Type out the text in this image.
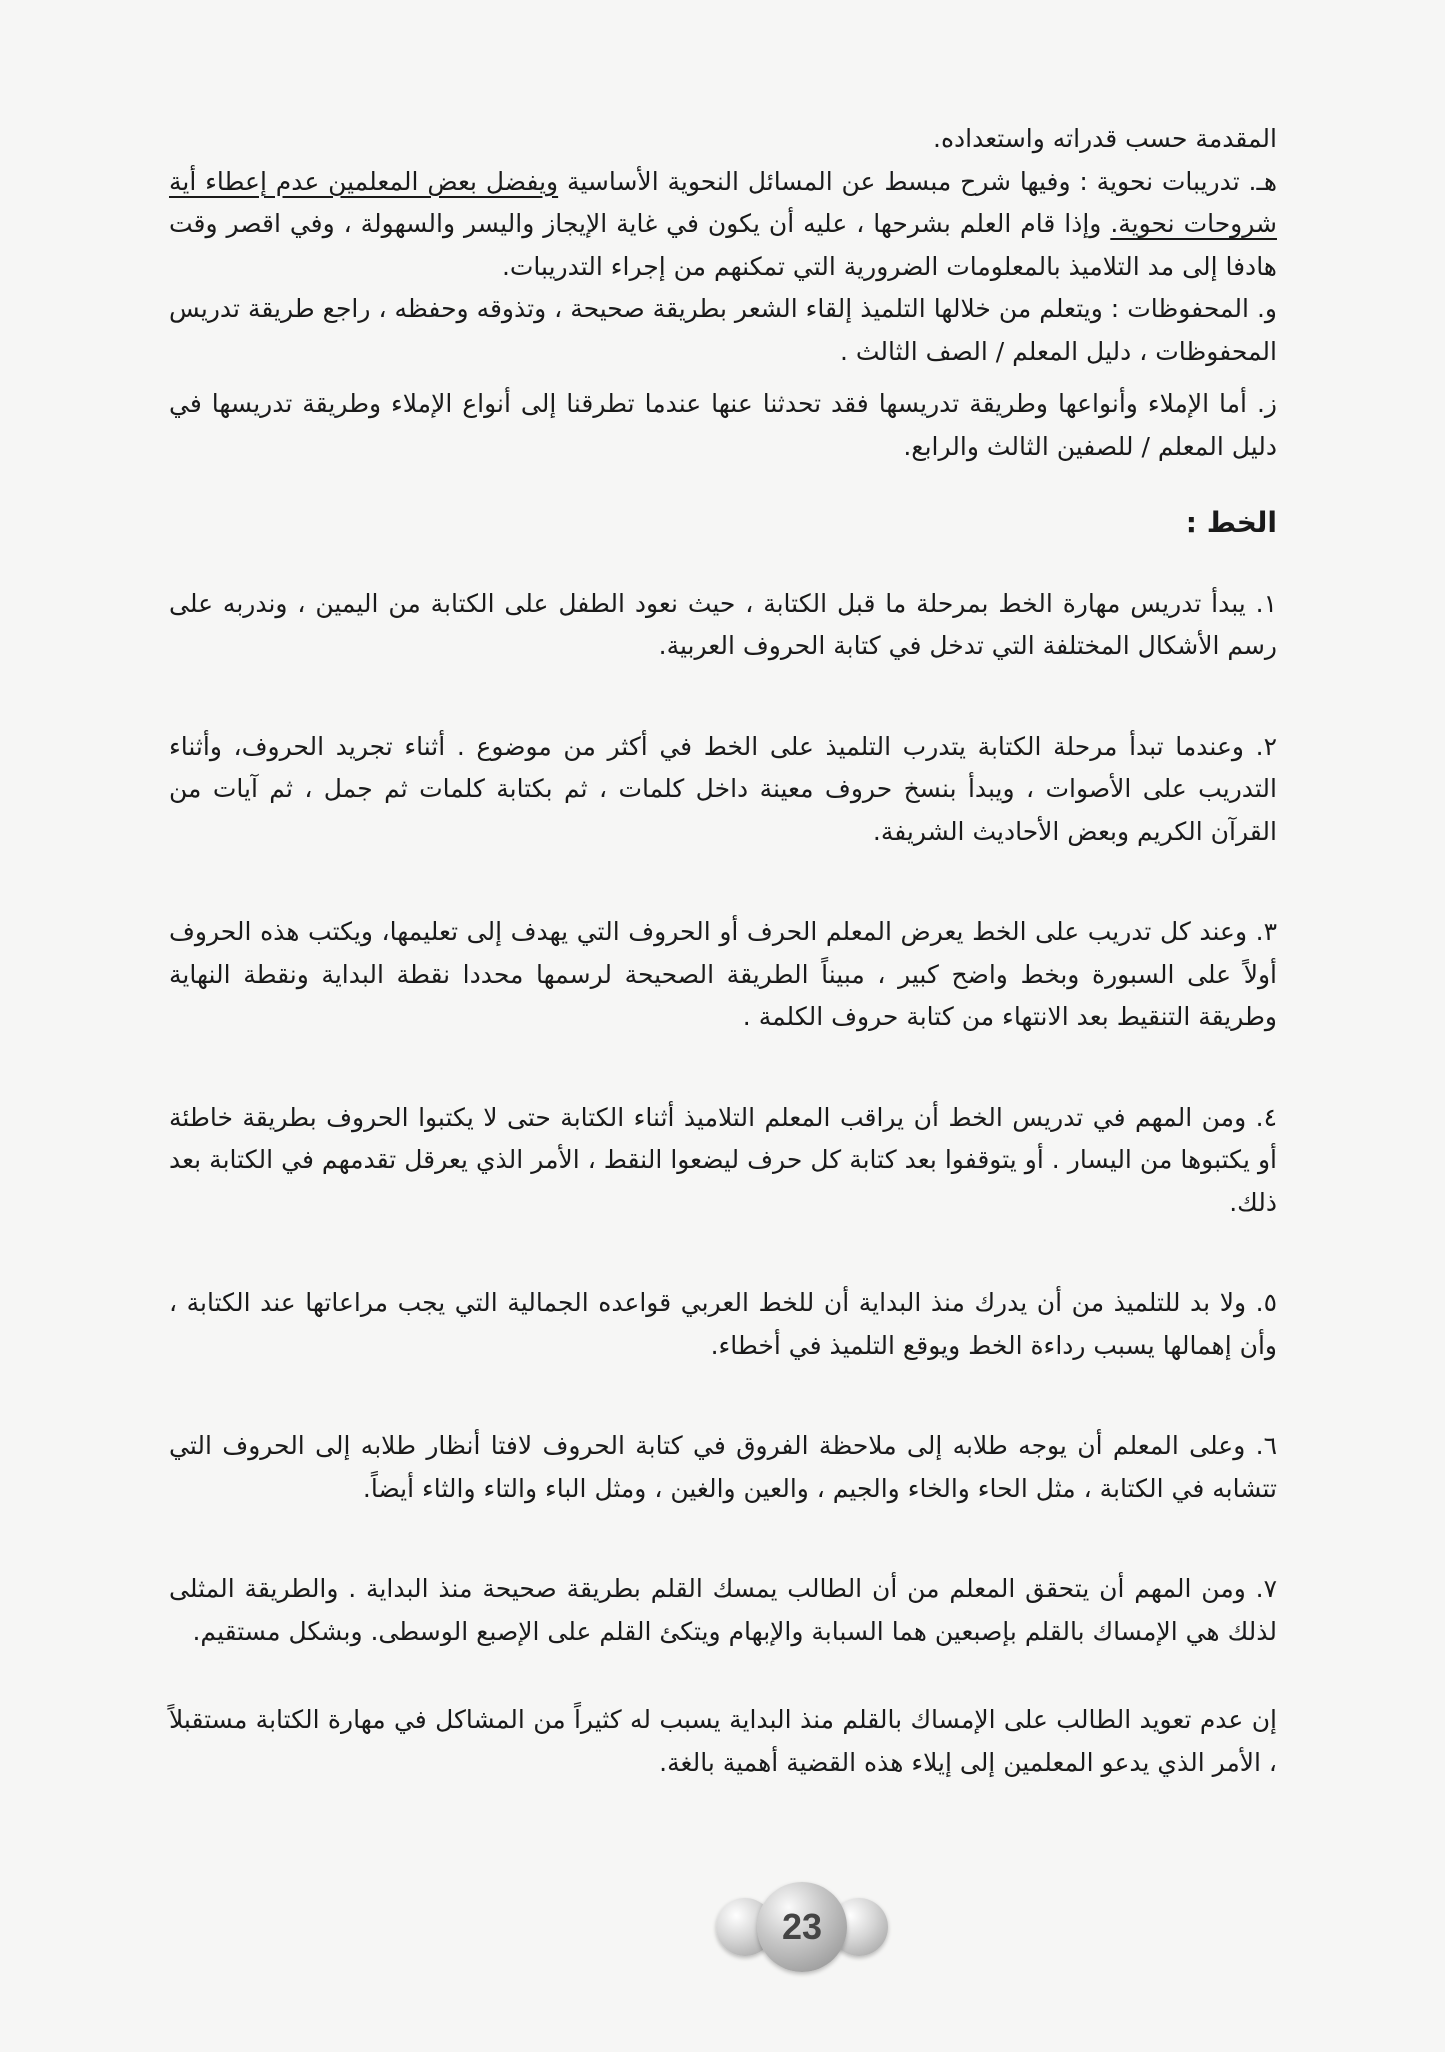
المقدمة حسب قدراته واستعداده.

هـ. تدريبات نحوية : وفيها شرح مبسط عن المسائل النحوية الأساسية ويفضل بعض المعلمين عدم إعطاء أية شروحات نحوية. وإذا قام العلم بشرحها ، عليه أن يكون في غاية الإيجاز واليسر والسهولة ، وفي اقصر وقت هادفا إلى مد التلاميذ بالمعلومات الضرورية التي تمكنهم من إجراء التدريبات.

و. المحفوظات : ويتعلم من خلالها التلميذ إلقاء الشعر بطريقة صحيحة ، وتذوقه وحفظه ، راجع طريقة تدريس المحفوظات ، دليل المعلم / الصف الثالث .

ز. أما الإملاء وأنواعها وطريقة تدريسها فقد تحدثنا عنها عندما تطرقنا إلى أنواع الإملاء وطريقة تدريسها في دليل المعلم / للصفين الثالث والرابع.

الخط :

١. يبدأ تدريس مهارة الخط بمرحلة ما قبل الكتابة ، حيث نعود الطفل على الكتابة من اليمين ، وندربه على رسم الأشكال المختلفة التي تدخل في كتابة الحروف العربية.

٢. وعندما تبدأ مرحلة الكتابة يتدرب التلميذ على الخط في أكثر من موضوع . أثناء تجريد الحروف، وأثناء التدريب على الأصوات ، ويبدأ بنسخ حروف معينة داخل كلمات ، ثم بكتابة كلمات ثم جمل ، ثم آيات من القرآن الكريم وبعض الأحاديث الشريفة.

٣. وعند كل تدريب على الخط يعرض المعلم الحرف أو الحروف التي يهدف إلى تعليمها، ويكتب هذه الحروف أولاً على السبورة وبخط واضح كبير ، مبيناً الطريقة الصحيحة لرسمها محددا نقطة البداية ونقطة النهاية وطريقة التنقيط بعد الانتهاء من كتابة حروف الكلمة .

٤. ومن المهم في تدريس الخط أن يراقب المعلم التلاميذ أثناء الكتابة حتى لا يكتبوا الحروف بطريقة خاطئة أو يكتبوها من اليسار . أو يتوقفوا بعد كتابة كل حرف ليضعوا النقط ، الأمر الذي يعرقل تقدمهم في الكتابة بعد ذلك.

٥. ولا بد للتلميذ من أن يدرك منذ البداية أن للخط العربي قواعده الجمالية التي يجب مراعاتها عند الكتابة ، وأن إهمالها يسبب رداءة الخط ويوقع التلميذ في أخطاء.

٦. وعلى المعلم أن يوجه طلابه إلى ملاحظة الفروق في كتابة الحروف لافتا أنظار طلابه إلى الحروف التي تتشابه في الكتابة ، مثل الحاء والخاء والجيم ، والعين والغين ، ومثل الباء والتاء والثاء أيضاً.

٧. ومن المهم أن يتحقق المعلم من أن الطالب يمسك القلم بطريقة صحيحة منذ البداية . والطريقة المثلى لذلك هي الإمساك بالقلم بإصبعين هما السبابة والإبهام ويتكئ القلم على الإصبع الوسطى. وبشكل مستقيم.

إن عدم تعويد الطالب على الإمساك بالقلم منذ البداية يسبب له كثيراً من المشاكل في مهارة الكتابة مستقبلاً ، الأمر الذي يدعو المعلمين إلى إيلاء هذه القضية أهمية بالغة.

23
